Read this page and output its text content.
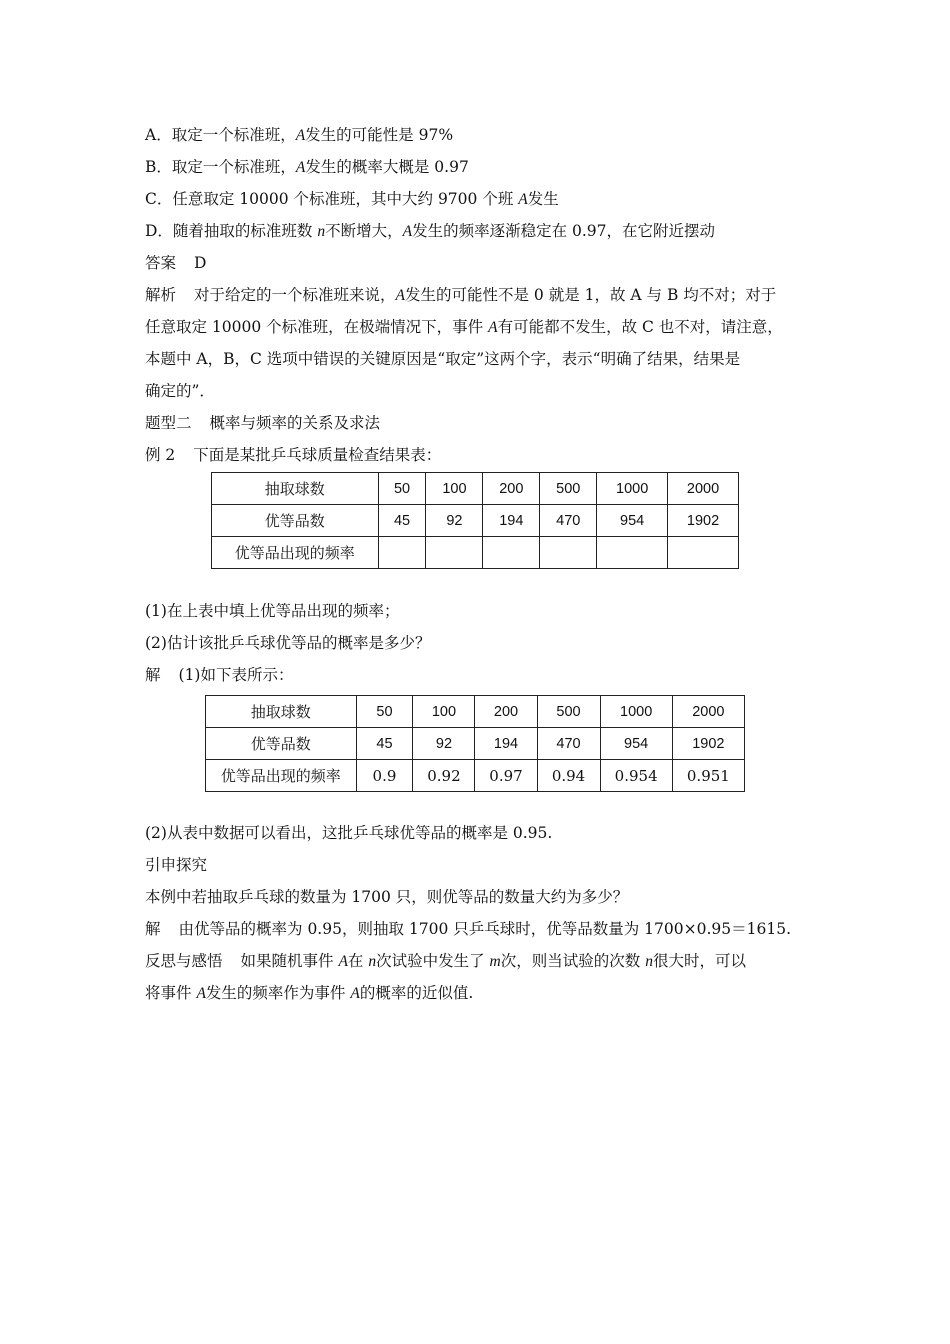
A．取定一个标准班，A发生的可能性是 97%
B．取定一个标准班，A发生的概率大概是 0.97
C．任意取定 10000 个标准班，其中大约 9700 个班 A发生
D．随着抽取的标准班数 n不断增大，A发生的频率逐渐稳定在 0.97，在它附近摆动
答案 D
解析 对于给定的一个标准班来说，A发生的可能性不是 0 就是 1，故 A 与 B 均不对；对于
任意取定 10000 个标准班，在极端情况下，事件 A有可能都不发生，故 C 也不对，请注意，
本题中 A，B，C 选项中错误的关键原因是“取定”这两个字，表示“明确了结果，结果是
确定的”．
题型二 概率与频率的关系及求法
例 2 下面是某批乒乓球质量检查结果表：
抽取球数	50	100	200	500	1000	2000
优等品数	45	92	194	470	954	1902
优等品出现的频率						
(1)在上表中填上优等品出现的频率；
(2)估计该批乒乓球优等品的概率是多少？
解 (1)如下表所示：
抽取球数	50	100	200	500	1000	2000
优等品数	45	92	194	470	954	1902
优等品出现的频率	0.9	0.92	0.97	0.94	0.954	0.951
(2)从表中数据可以看出，这批乒乓球优等品的概率是 0.95.
引申探究
本例中若抽取乒乓球的数量为 1700 只，则优等品的数量大约为多少？
解 由优等品的概率为 0.95，则抽取 1700 只乒乓球时，优等品数量为 1700×0.95＝1615.
反思与感悟 如果随机事件 A在 n次试验中发生了 m次，则当试验的次数 n很大时，可以
将事件 A发生的频率作为事件 A的概率的近似值.
